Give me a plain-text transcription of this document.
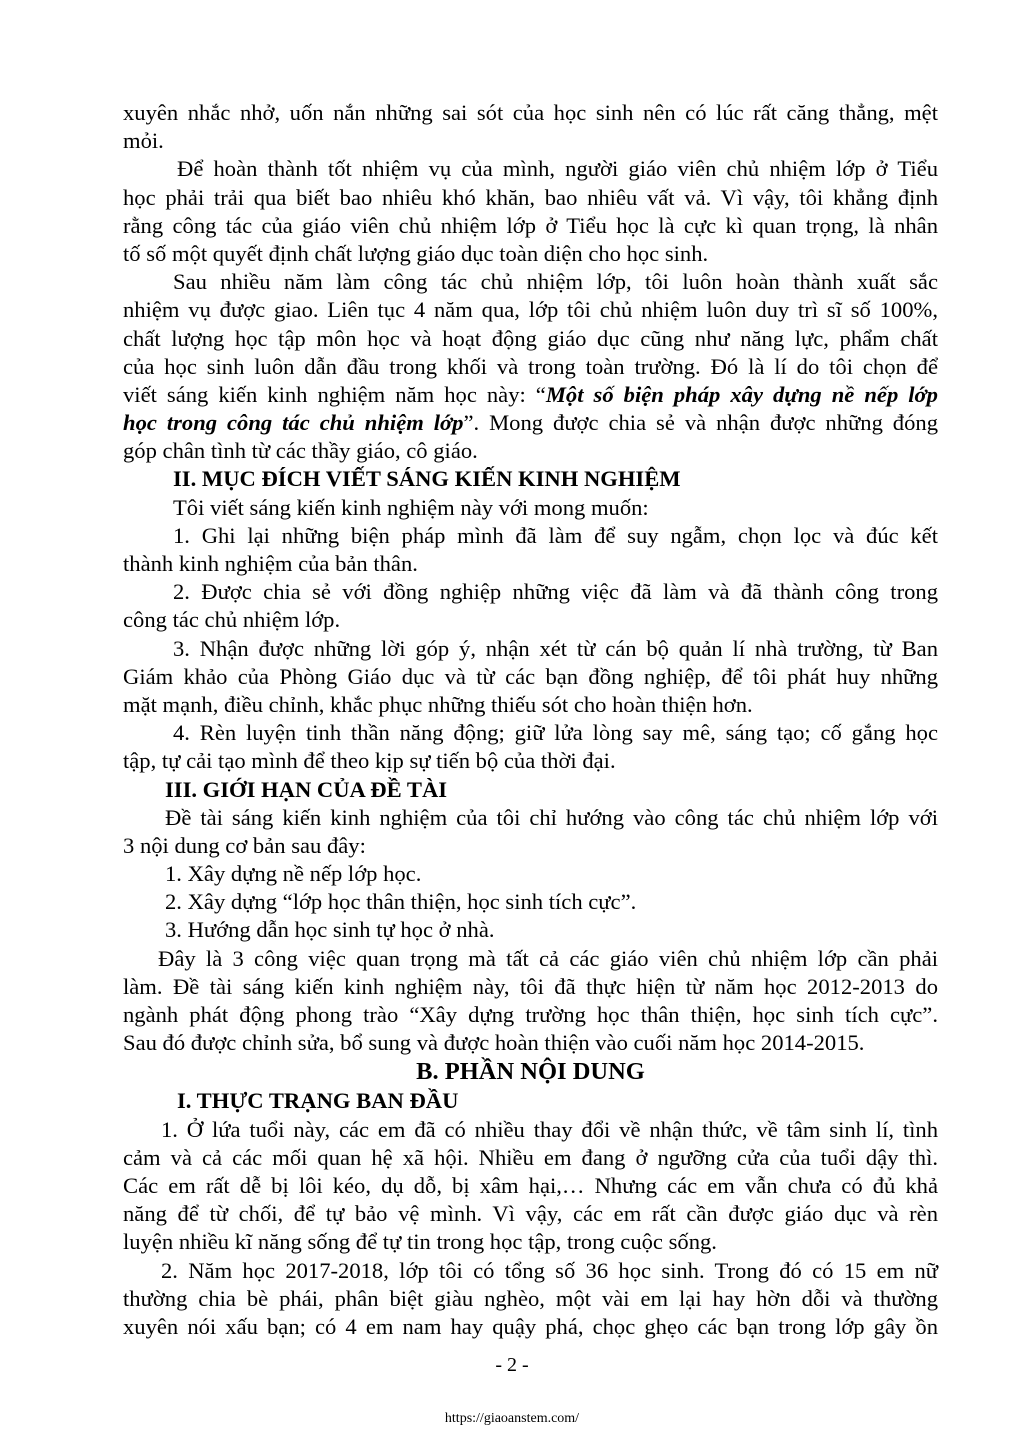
xuyên nhắc nhở, uốn nắn những sai sót của học sinh nên có lúc rất căng thẳng, mệt
mỏi.
Để hoàn thành tốt nhiệm vụ của mình, người giáo viên chủ nhiệm lớp ở Tiểu
học phải trải qua biết bao nhiêu khó khăn, bao nhiêu vất vả. Vì vậy, tôi khẳng định
rằng công tác của giáo viên chủ nhiệm lớp ở Tiểu học là cực kì quan trọng, là nhân
tố số một quyết định chất lượng giáo dục toàn diện cho học sinh.
Sau nhiều năm làm công tác chủ nhiệm lớp, tôi luôn hoàn thành xuất sắc
nhiệm vụ được giao. Liên tục 4 năm qua, lớp tôi chủ nhiệm luôn duy trì sĩ số 100%,
chất lượng học tập môn học và hoạt động giáo dục cũng như năng lực, phẩm chất
của học sinh luôn dẫn đầu trong khối và trong toàn trường. Đó là lí do tôi chọn để
viết sáng kiến kinh nghiệm năm học này: “Một số biện pháp xây dựng nề nếp lớp
học trong công tác chủ nhiệm lớp”. Mong được chia sẻ và nhận được những đóng
góp chân tình từ các thầy giáo, cô giáo.
II. MỤC ĐÍCH VIẾT SÁNG KIẾN KINH NGHIỆM
Tôi viết sáng kiến kinh nghiệm này với mong muốn:
1. Ghi lại những biện pháp mình đã làm để suy ngẫm, chọn lọc và đúc kết
thành kinh nghiệm của bản thân.
2. Được chia sẻ với đồng nghiệp những việc đã làm và đã thành công trong
công tác chủ nhiệm lớp.
3. Nhận được những lời góp ý, nhận xét từ cán bộ quản lí nhà trường, từ Ban
Giám khảo của Phòng Giáo dục và từ các bạn đồng nghiệp, để tôi phát huy những
mặt mạnh, điều chỉnh, khắc phục những thiếu sót cho hoàn thiện hơn.
4. Rèn luyện tinh thần năng động; giữ lửa lòng say mê, sáng tạo; cố gắng học
tập, tự cải tạo mình để theo kịp sự tiến bộ của thời đại.
III. GIỚI HẠN CỦA ĐỀ TÀI
Đề tài sáng kiến kinh nghiệm của tôi chỉ hướng vào công tác chủ nhiệm lớp với
3 nội dung cơ bản sau đây:
1. Xây dựng nề nếp lớp học.
2. Xây dựng “lớp học thân thiện, học sinh tích cực”.
3. Hướng dẫn học sinh tự học ở nhà.
Đây là 3 công việc quan trọng mà tất cả các giáo viên chủ nhiệm lớp cần phải
làm. Đề tài sáng kiến kinh nghiệm này, tôi đã thực hiện từ năm học 2012-2013 do
ngành phát động phong trào “Xây dựng trường học thân thiện, học sinh tích cực”.
Sau đó được chỉnh sửa, bổ sung và được hoàn thiện vào cuối năm học 2014-2015.
B. PHẦN NỘI DUNG
I. THỰC TRẠNG BAN ĐẦU
1. Ở lứa tuổi này, các em đã có nhiều thay đổi về nhận thức, về tâm sinh lí, tình
cảm và cả các mối quan hệ xã hội. Nhiều em đang ở ngưỡng cửa của tuổi dậy thì.
Các em rất dễ bị lôi kéo, dụ dỗ, bị xâm hại,… Nhưng các em vẫn chưa có đủ khả
năng để từ chối, để tự bảo vệ mình. Vì vậy, các em rất cần được giáo dục và rèn
luyện nhiều kĩ năng sống để tự tin trong học tập, trong cuộc sống.
2. Năm học 2017-2018, lớp tôi có tổng số 36 học sinh. Trong đó có 15 em nữ
thường chia bè phái, phân biệt giàu nghèo, một vài em lại hay hờn dỗi và thường
xuyên nói xấu bạn; có 4 em nam hay quậy phá, chọc ghẹo các bạn trong lớp gây ồn
- 2 -
https://giaoanstem.com/
